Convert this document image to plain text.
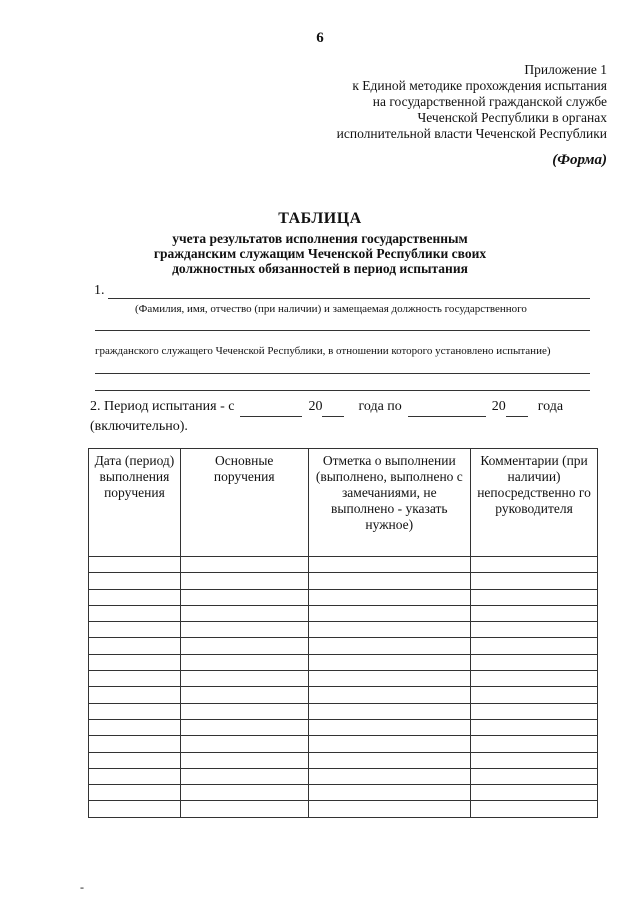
6
Приложение 1
к Единой методике прохождения испытания
на государственной гражданской службе
Чеченской Республики в органах
исполнительной власти Чеченской Республики
(Форма)
ТАБЛИЦА
учета результатов исполнения государственным
гражданским служащим Чеченской Республики своих
должностных обязанностей в период испытания
1.
(Фамилия, имя, отчество (при наличии) и замещаемая должность государственного
гражданского служащего Чеченской Республики, в отношении которого установлено испытание)
2. Период испытания - с	20	года по	20 года
(включительно).
Дата (период) выполнения поручения	Основные поручения	Отметка о выполнении (выполнено, выполнено с замечаниями, не выполнено - указать нужное)	Комментарии (при наличии) непосредственно го руководителя

-
